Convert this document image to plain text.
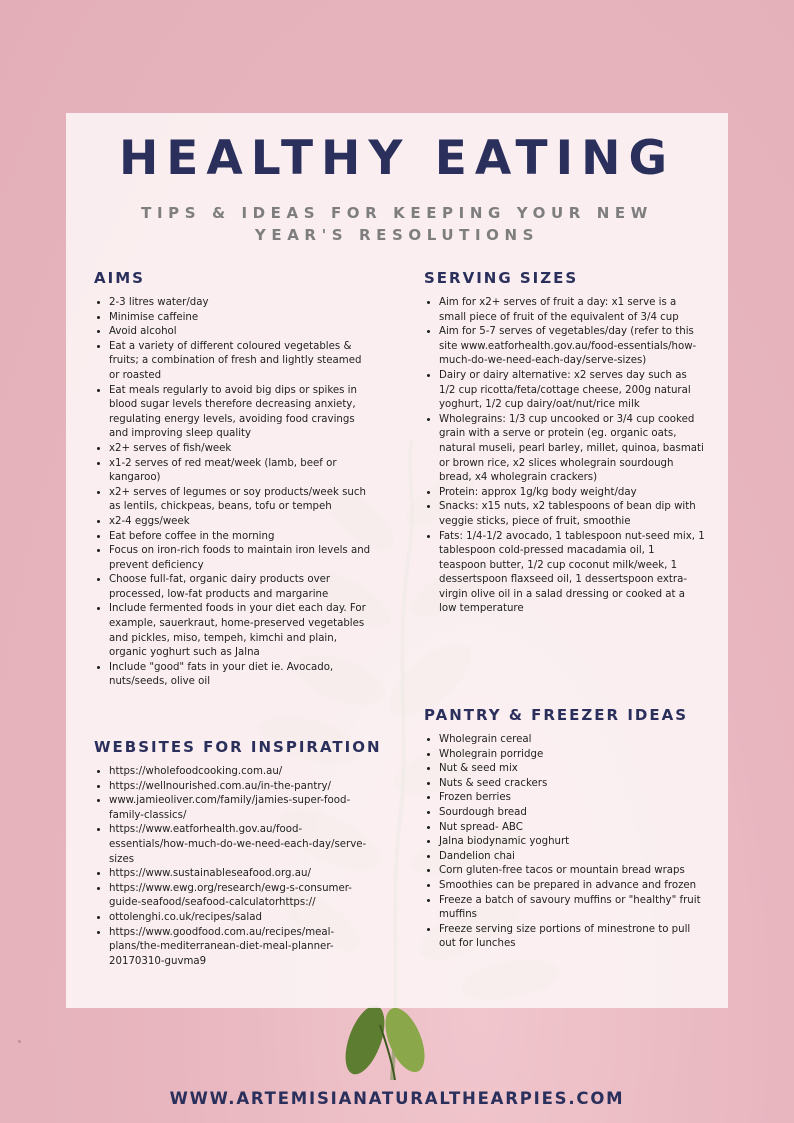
HEALTHY EATING

TIPS & IDEAS FOR KEEPING YOUR NEW YEAR'S RESOLUTIONS

AIMS
• 2-3 litres water/day
• Minimise caffeine
• Avoid alcohol
• Eat a variety of different coloured vegetables & fruits; a combination of fresh and lightly steamed or roasted
• Eat meals regularly to avoid big dips or spikes in blood sugar levels therefore decreasing anxiety, regulating energy levels, avoiding food cravings and improving sleep quality
• x2+ serves of fish/week
• x1-2 serves of red meat/week (lamb, beef or kangaroo)
• x2+ serves of legumes or soy products/week such as lentils, chickpeas, beans, tofu or tempeh
• x2-4 eggs/week
• Eat before coffee in the morning
• Focus on iron-rich foods to maintain iron levels and prevent deficiency
• Choose full-fat, organic dairy products over processed, low-fat products and margarine
• Include fermented foods in your diet each day. For example, sauerkraut, home-preserved vegetables and pickles, miso, tempeh, kimchi and plain, organic yoghurt such as Jalna
• Include "good" fats in your diet ie. Avocado, nuts/seeds, olive oil
SERVING SIZES
• Aim for x2+ serves of fruit a day: x1 serve is a small piece of fruit of the equivalent of 3/4 cup
• Aim for 5-7 serves of vegetables/day (refer to this site www.eatforhealth.gov.au/food-essentials/how-much-do-we-need-each-day/serve-sizes)
• Dairy or dairy alternative: x2 serves day such as 1/2 cup ricotta/feta/cottage cheese, 200g natural yoghurt, 1/2 cup dairy/oat/nut/rice milk
• Wholegrains: 1/3 cup uncooked or 3/4 cup cooked grain with a serve or protein (eg. organic oats, natural museli, pearl barley, millet, quinoa, basmati or brown rice, x2 slices wholegrain sourdough bread, x4 wholegrain crackers)
• Protein: approx 1g/kg body weight/day
• Snacks: x15 nuts, x2 tablespoons of bean dip with veggie sticks, piece of fruit, smoothie
• Fats: 1/4-1/2 avocado, 1 tablespoon nut-seed mix, 1 tablespoon cold-pressed macadamia oil, 1 teaspoon butter, 1/2 cup coconut milk/week, 1 dessertspoon flaxseed oil, 1 dessertspoon extra-virgin olive oil in a salad dressing or cooked at a low temperature
WEBSITES FOR INSPIRATION
• https://wholefoodcooking.com.au/
• https://wellnourished.com.au/in-the-pantry/
• www.jamieoliver.com/family/jamies-super-food-family-classics/
• https://www.eatforhealth.gov.au/food-essentials/how-much-do-we-need-each-day/serve-sizes
• https://www.sustainableseafood.org.au/
• https://www.ewg.org/research/ewg-s-consumer-guide-seafood/seafood-calculatorhttps://
• ottolenghi.co.uk/recipes/salad
• https://www.goodfood.com.au/recipes/meal-plans/the-mediterranean-diet-meal-planner-20170310-guvma9
PANTRY & FREEZER IDEAS
• Wholegrain cereal
• Wholegrain porridge
• Nut & seed mix
• Nuts & seed crackers
• Frozen berries
• Sourdough bread
• Nut spread- ABC
• Jalna biodynamic yoghurt
• Dandelion chai
• Corn gluten-free tacos or mountain bread wraps
• Smoothies can be prepared in advance and frozen
• Freeze a batch of savoury muffins or "healthy" fruit muffins
• Freeze serving size portions of minestrone to pull out for lunches

WWW.ARTEMISIANATURALTHEARPIES.COM
